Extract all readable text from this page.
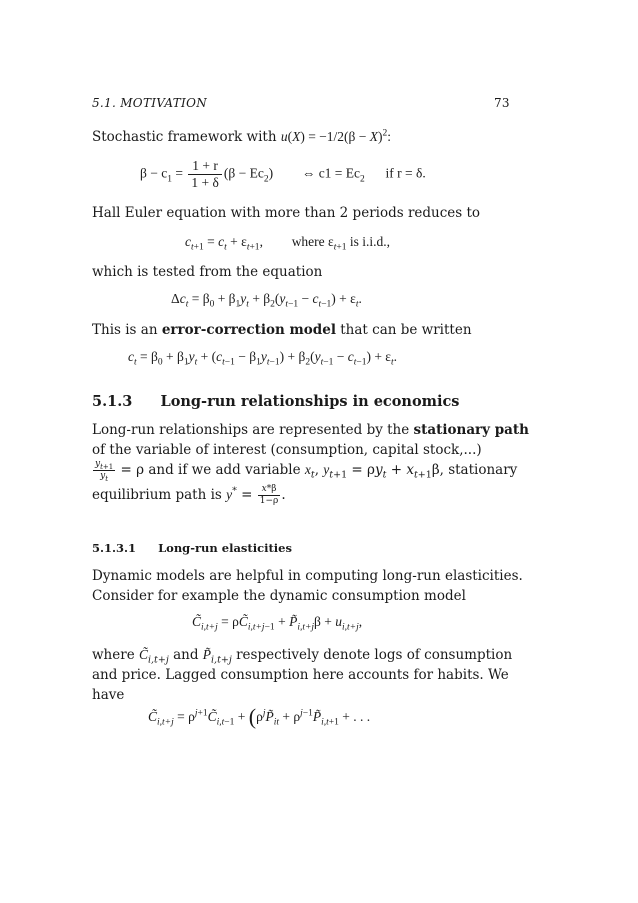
5.1. MOTIVATION	73
Stochastic framework with $u(X) = -1/2(\beta - X)^2$:
$\beta - c_1 = \frac{1 + r}{1 + \delta} (\beta - Ec_2)$  ⇔ $c1 = Ec_2$ if r = δ.
Hall Euler equation with more than 2 periods reduces to
$c_{t+1} = c_t + \varepsilon_{t+1}$,  where $\varepsilon_{t+1}$ is i.i.d.,
which is tested from the equation
$\Delta c_t = \beta_0 + \beta_1y_t + \beta_2(y_{t-1} - c_{t-1}) + \varepsilon_t$.
This is an error-correction model that can be written
$c_t = \beta_0 + \beta_1y_t + (c_{t-1} - \beta_1y_{t-1}) + \beta_2(y_{t-1} - c_{t-1}) + \varepsilon_t$.
5.1.3 Long-run relationships in economics
Long-run relationships are represented by the stationary path
of the variable of interest (consumption, capital stock,...)
$\frac{y_{t+1}}{y_t} = \rho$ and if we add variable $x_t$, $y_{t+1} = \rho y_t + x_{t+1}\beta$, stationary
equilibrium path is $y^* = \frac{x*\beta}{1-\rho}$ .
5.1.3.1 Long-run elasticities
Dynamic models are helpful in computing long-run elasticities.
Consider for example the dynamic consumption model
$C̃_{i,t+j}$ = $\rho C̃_{i,t+j-1}$ + $P̃_{i,t+j}\beta + u_{i,t+j}$,
where $C̃_{i,t+j}$ and $P̃_{i,t+j}$ respectively denote logs of consumption
and price. Lagged consumption here accounts for habits. We
have
$C̃_{i,t+j}$ = $\rho^{j+1}C̃_{i,t-1}$ + ($\rho^jP̃_{it}$ + $\rho^{j-1}P̃_{i,t+1}$ + . . .
